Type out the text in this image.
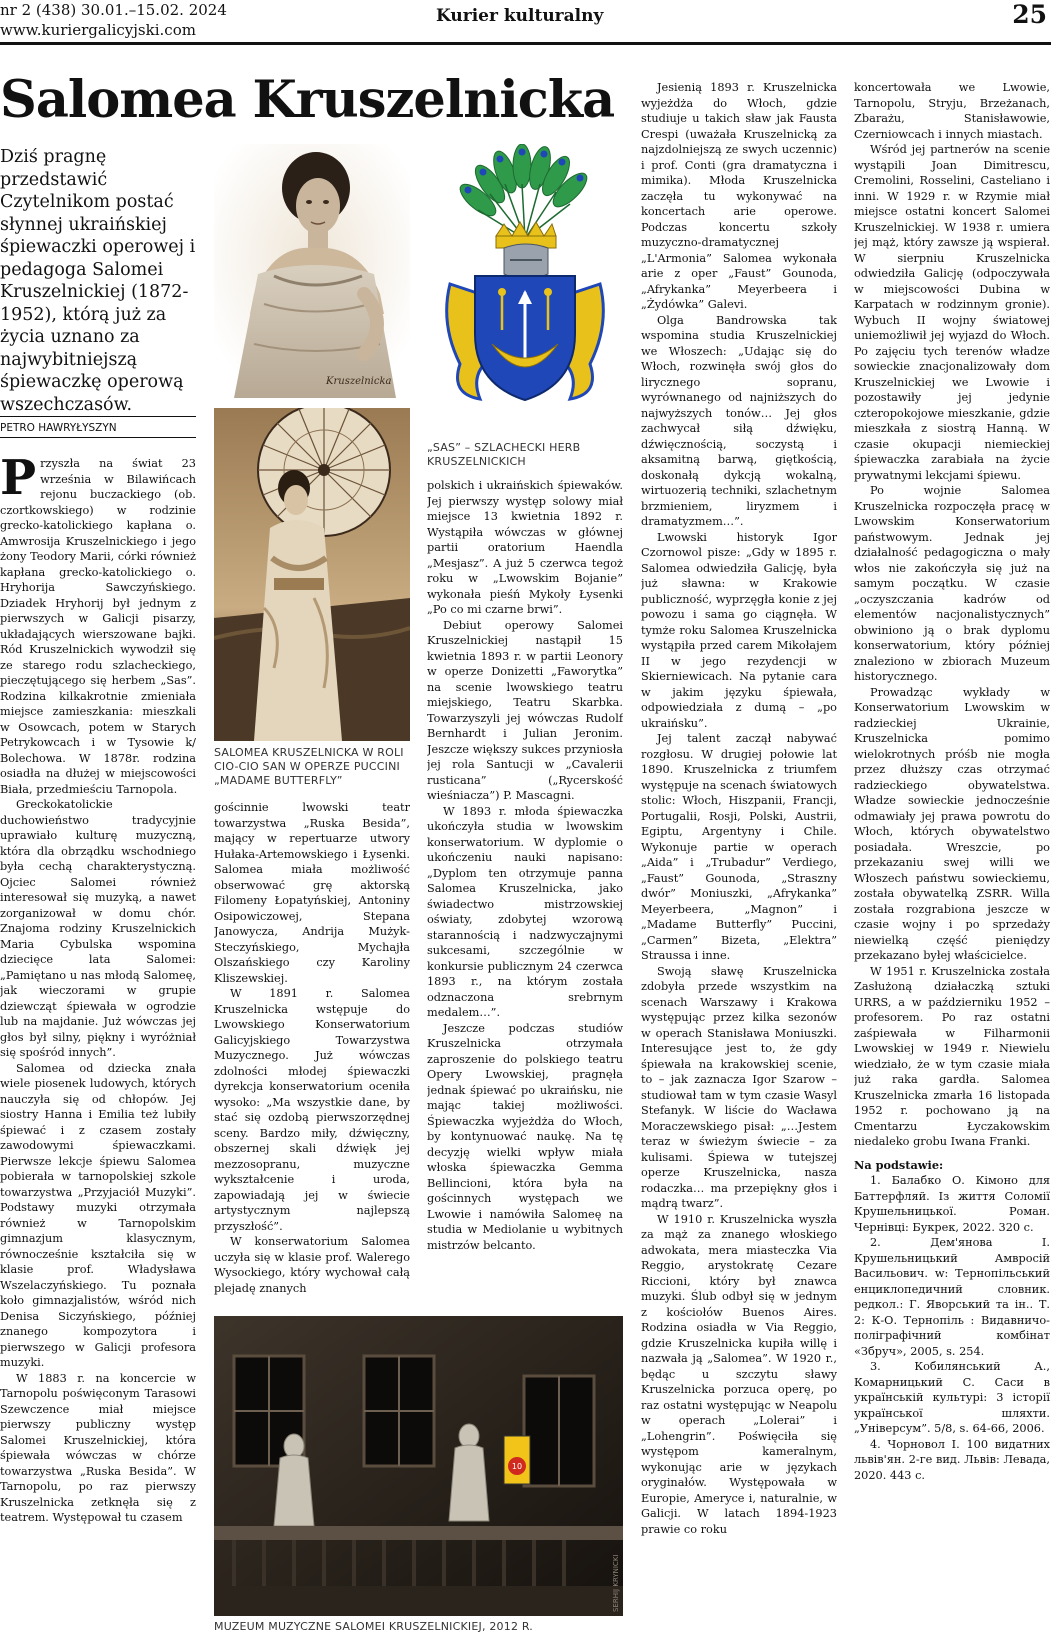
nr 2 (438) 30.01.–15.02. 2024
www.kuriergalicyjski.com
Kurier kulturalny	25
Salomea Kruszelnicka
Dziś pragnę przedstawić Czytelnikom postać słynnej ukraińskiej śpiewaczki operowej i pedagoga Salomei Kruszelnickiej (1872-1952), którą już za życia uznano za najwybitniejszą śpiewaczkę operową wszechczasów.
PETRO HAWRYŁYSZYN
Kruszelnicka
SALOMEA KRUSZELNICKA W ROLI CIO-CIO SAN W OPERZE PUCCINI „MADAME BUTTERFLY”
„SAS” – SZLACHECKI HERB KRUSZELNICKICH

Przyszła na świat 23 września w Bilawińcach rejonu buczackiego (ob. czortkowskiego) w rodzinie grecko-katolickiego kapłana o. Amwrosija Kruszelnickiego i jego żony Teodory Marii, córki również kapłana grecko-katolickiego o. Hryhorija Sawczyńskiego. Dziadek Hryhorij był jednym z pierwszych w Galicji pisarzy, układających wierszowane bajki. Ród Kruszelnickich wywodził się ze starego rodu szlacheckiego, pieczętującego się herbem „Sas”. Rodzina kilkakrotnie zmieniała miejsce zamieszkania: mieszkali w Osowcach, potem w Starych Petrykowcach i w Tysowie k/ Bolechowa. W 1878r. rodzina osiadła na dłużej w miejscowości Biała, przedmieściu Tarnopola.

Greckokatolickie duchowieństwo tradycyjnie uprawiało kulturę muzyczną, która dla obrządku wschodniego była cechą charakterystyczną. Ojciec Salomei również interesował się muzyką, a nawet zorganizował w domu chór. Znajoma rodziny Kruszelnickich Maria Cybulska wspomina dziecięce lata Salomei: „Pamiętano u nas młodą Salomeę, jak wieczorami w grupie dziewcząt śpiewała w ogrodzie lub na majdanie. Już wówczas jej głos był silny, piękny i wyróżniał się spośród innych”.

Salomea od dziecka znała wiele piosenek ludowych, których nauczyła się od chłopów. Jej siostry Hanna i Emilia też lubiły śpiewać i z czasem zostały zawodowymi śpiewaczkami. Pierwsze lekcje śpiewu Salomea pobierała w tarnopolskiej szkole towarzystwa „Przyjaciół Muzyki”. Podstawy muzyki otrzymała również w Tarnopolskim gimnazjum klasycznym, równocześnie kształciła się w klasie prof. Władysława Wszelaczyńskiego. Tu poznała koło gimnazjalistów, wśród nich Denisa Siczyńskiego, później znanego kompozytora i pierwszego w Galicji profesora muzyki.

W 1883 r. na koncercie w Tarnopolu poświęconym Tarasowi Szewczence miał miejsce pierwszy publiczny występ Salomei Kruszelnickiej, która śpiewała wówczas w chórze towarzystwa „Ruska Besida”. W Tarnopolu, po raz pierwszy Kruszelnicka zetknęła się z teatrem. Występował tu czasem

gościnnie lwowski teatr towarzystwa „Ruska Besida”, mający w repertuarze utwory Hułaka-Artemowskiego i Łysenki. Salomea miała możliwość obserwować grę aktorską Filomeny Łopatyńskiej, Antoniny Osipowiczowej, Stepana Janowycza, Andrija Mużyk-Steczyńskiego, Mychajła Olszańskiego czy Karoliny Kliszewskiej.

W 1891 r. Salomea Kruszelnicka wstępuje do Lwowskiego Konserwatorium Galicyjskiego Towarzystwa Muzycznego. Już wówczas zdolności młodej śpiewaczki dyrekcja konserwatorium oceniła wysoko: „Ma wszystkie dane, by stać się ozdobą pierwszorzędnej sceny. Bardzo miły, dźwięczny, obszernej skali dźwięk jej mezzosopranu, muzyczne wykształcenie i uroda, zapowiadają jej w świecie artystycznym najlepszą przyszłość”.

W konserwatorium Salomea uczyła się w klasie prof. Walerego Wysockiego, który wychował całą plejadę znanych

polskich i ukraińskich śpiewaków. Jej pierwszy występ solowy miał miejsce 13 kwietnia 1892 r. Wystąpiła wówczas w głównej partii oratorium Haendla „Mesjasz”. A już 5 czerwca tegoż roku w „Lwowskim Bojanie” wykonała pieśń Mykoły Łysenki „Po co mi czarne brwi”.

Debiut operowy Salomei Kruszelnickiej nastąpił 15 kwietnia 1893 r. w partii Leonory w operze Donizetti „Faworytka” na scenie lwowskiego teatru miejskiego, Teatru Skarbka. Towarzyszyli jej wówczas Rudolf Bernhardt i Julian Jeronim. Jeszcze większy sukces przyniosła jej rola Santucji w „Cavalerii rusticana” („Rycerskość wieśniacza”) P. Mascagni.

W 1893 r. młoda śpiewaczka ukończyła studia w lwowskim konserwatorium. W dyplomie o ukończeniu nauki napisano: „Dyplom ten otrzymuje panna Salomea Kruszelnicka, jako świadectwo mistrzowskiej oświaty, zdobytej wzorową starannością i nadzwyczajnymi sukcesami, szczególnie w konkursie publicznym 24 czerwca 1893 r., na którym została odznaczona srebrnym medalem…”.

Jeszcze podczas studiów Kruszelnicka otrzymała zaproszenie do polskiego teatru Opery Lwowskiej, pragnęła jednak śpiewać po ukraińsku, nie mając takiej możliwości. Śpiewaczka wyjeżdża do Włoch, by kontynuować naukę. Na tę decyzję wielki wpływ miała włoska śpiewaczka Gemma Bellincioni, która była na gościnnych występach we Lwowie i namówiła Salomeę na studia w Mediolanie u wybitnych mistrzów belcanto.

10
SERHIJ KRYNICKI
MUZEUM MUZYCZNE SALOMEI KRUSZELNICKIEJ, 2012 R.

Jesienią 1893 r. Kruszelnicka wyjeżdża do Włoch, gdzie studiuje u takich sław jak Fausta Crespi (uważała Kruszelnicką za najzdolniejszą ze swych uczennic) i prof. Conti (gra dramatyczna i mimika). Młoda Kruszelnicka zaczęła tu wykonywać na koncertach arie operowe. Podczas koncertu szkoły muzyczno-dramatycznej „L'Armonia” Salomea wykonała arie z oper „Faust” Gounoda, „Afrykanka” Meyerbeera i „Żydówka” Galevi.

Olga Bandrowska tak wspomina studia Kruszelnickiej we Włoszech: „Udając się do Włoch, rozwinęła swój głos do lirycznego sopranu, wyrównanego od najniższych do najwyższych tonów… Jej głos zachwycał siłą dźwięku, dźwięcznością, soczystą i aksamitną barwą, giętkością, doskonałą dykcją wokalną, wirtuozerią techniki, szlachetnym brzmieniem, liryzmem i dramatyzmem…”.

Lwowski historyk Igor Czornowol pisze: „Gdy w 1895 r. Salomea odwiedziła Galicję, była już sławna: w Krakowie publiczność, wyprzęgła konie z jej powozu i sama go ciągnęła. W tymże roku Salomea Kruszelnicka wystąpiła przed carem Mikołajem II w jego rezydencji w Skierniewicach. Na pytanie cara w jakim języku śpiewała, odpowiedziała z dumą – „po ukraińsku”.

Jej talent zaczął nabywać rozgłosu. W drugiej połowie lat 1890. Kruszelnicka z triumfem występuje na scenach światowych stolic: Włoch, Hiszpanii, Francji, Portugalii, Rosji, Polski, Austrii, Egiptu, Argentyny i Chile. Wykonuje partie w operach „Aida” i „Trubadur” Verdiego, „Faust” Gounoda, „Straszny dwór” Moniuszki, „Afrykanka” Meyerbeera, „Magnon” i „Madame Butterfly” Puccini, „Carmen” Bizeta, „Elektra” Straussa i inne.

Swoją sławę Kruszelnicka zdobyła przede wszystkim na scenach Warszawy i Krakowa występując przez kilka sezonów w operach Stanisława Moniuszki. Interesujące jest to, że gdy śpiewała na krakowskiej scenie, to – jak zaznacza Igor Szarow –studiował tam w tym czasie Wasyl Stefanyk. W liście do Wacława Moraczewskiego pisał: „…Jestem teraz w świeżym świecie – za kulisami. Śpiewa w tutejszej operze Kruszelnicka, nasza rodaczka… ma przepiękny głos i mądrą twarz”.

W 1910 r. Kruszelnicka wyszła za mąż za znanego włoskiego adwokata, mera miasteczka Via Reggio, arystokratę Cezare Riccioni, który był znawca muzyki. Ślub odbył się w jednym z kościołów Buenos Aires. Rodzina osiadła w Via Reggio, gdzie Kruszelnicka kupiła willę i nazwała ją „Salomea”. W 1920 r., będąc u szczytu sławy Kruszelnicka porzuca operę, po raz ostatni występując w Neapolu w operach „Lolerai” i „Lohengrin”. Poświęciła się występom kameralnym, wykonując arie w językach oryginałów. Występowała w Europie, Ameryce i, naturalnie, w Galicji. W latach 1894-1923 prawie co roku

koncertowała we Lwowie, Tarnopolu, Stryju, Brzeżanach, Zbarażu, Stanisławowie, Czerniowcach i innych miastach.

Wśród jej partnerów na scenie wystąpili Joan Dimitrescu, Cremolini, Rosselini, Casteliano i inni. W 1929 r. w Rzymie miał miejsce ostatni koncert Salomei Kruszelnickiej. W 1938 r. umiera jej mąż, który zawsze ją wspierał. W sierpniu Kruszelnicka odwiedziła Galicję (odpoczywała w miejscowości Dubina w Karpatach w rodzinnym gronie). Wybuch II wojny światowej uniemożliwił jej wyjazd do Włoch. Po zajęciu tych terenów władze sowieckie znacjonalizowały dom Kruszelnickiej we Lwowie i pozostawiły jej jedynie czteropokojowe mieszkanie, gdzie mieszkała z siostrą Hanną. W czasie okupacji niemieckiej śpiewaczka zarabiała na życie prywatnymi lekcjami śpiewu.

Po wojnie Salomea Kruszelnicka rozpoczęła pracę w Lwowskim Konserwatorium państwowym. Jednak jej działalność pedagogiczna o mały włos nie zakończyła się już na samym początku. W czasie „oczyszczania kadrów od elementów nacjonalistycznych” obwiniono ją o brak dyplomu konserwatorium, który później znaleziono w zbiorach Muzeum historycznego.

Prowadząc wykłady w Konserwatorium Lwowskim w radzieckiej Ukrainie, Kruszelnicka pomimo wielokrotnych próśb nie mogła przez dłuższy czas otrzymać radzieckiego obywatelstwa. Władze sowieckie jednocześnie odmawiały jej prawa powrotu do Włoch, których obywatelstwo posiadała. Wreszcie, po przekazaniu swej willi we Włoszech państwu sowieckiemu, została obywatelką ZSRR. Willa została rozgrabiona jeszcze w czasie wojny i po sprzedaży niewielką część pieniędzy przekazano byłej właścicielce.

W 1951 r. Kruszelnicka została Zasłużoną działaczką sztuki URRS, a w październiku 1952 – profesorem. Po raz ostatni zaśpiewała w Filharmonii Lwowskiej w 1949 r. Niewielu wiedziało, że w tym czasie miała już raka gardła. Salomea Kruszelnicka zmarła 16 listopada 1952 r. pochowano ją na Cmentarzu Łyczakowskim niedaleko grobu Iwana Franki.

Na podstawie:

1. Балабко О. Кімоно для Баттерфляй. Із життя Соломії Крушельницької. Роман. Чернівці: Букрек, 2022. 320 с.

2. Дем'янова І. Крушельницький Амвросій Васильович. w: Тернопільський енциклопедичний словник. редкол.: Г. Яворський та ін.. Т. 2: К-О. Тернопіль : Видавничо-поліграфічний комбінат «Збруч», 2005, s. 254.

3. Кобилянський А., Комарницький С. Саси в українській культурі: 3 історії української шляхти. „Універсум”. 5/8, s. 64-66, 2006.

4. Чорновол І. 100 видатних львів'ян. 2-ге вид. Львів: Левада, 2020. 443 с.
